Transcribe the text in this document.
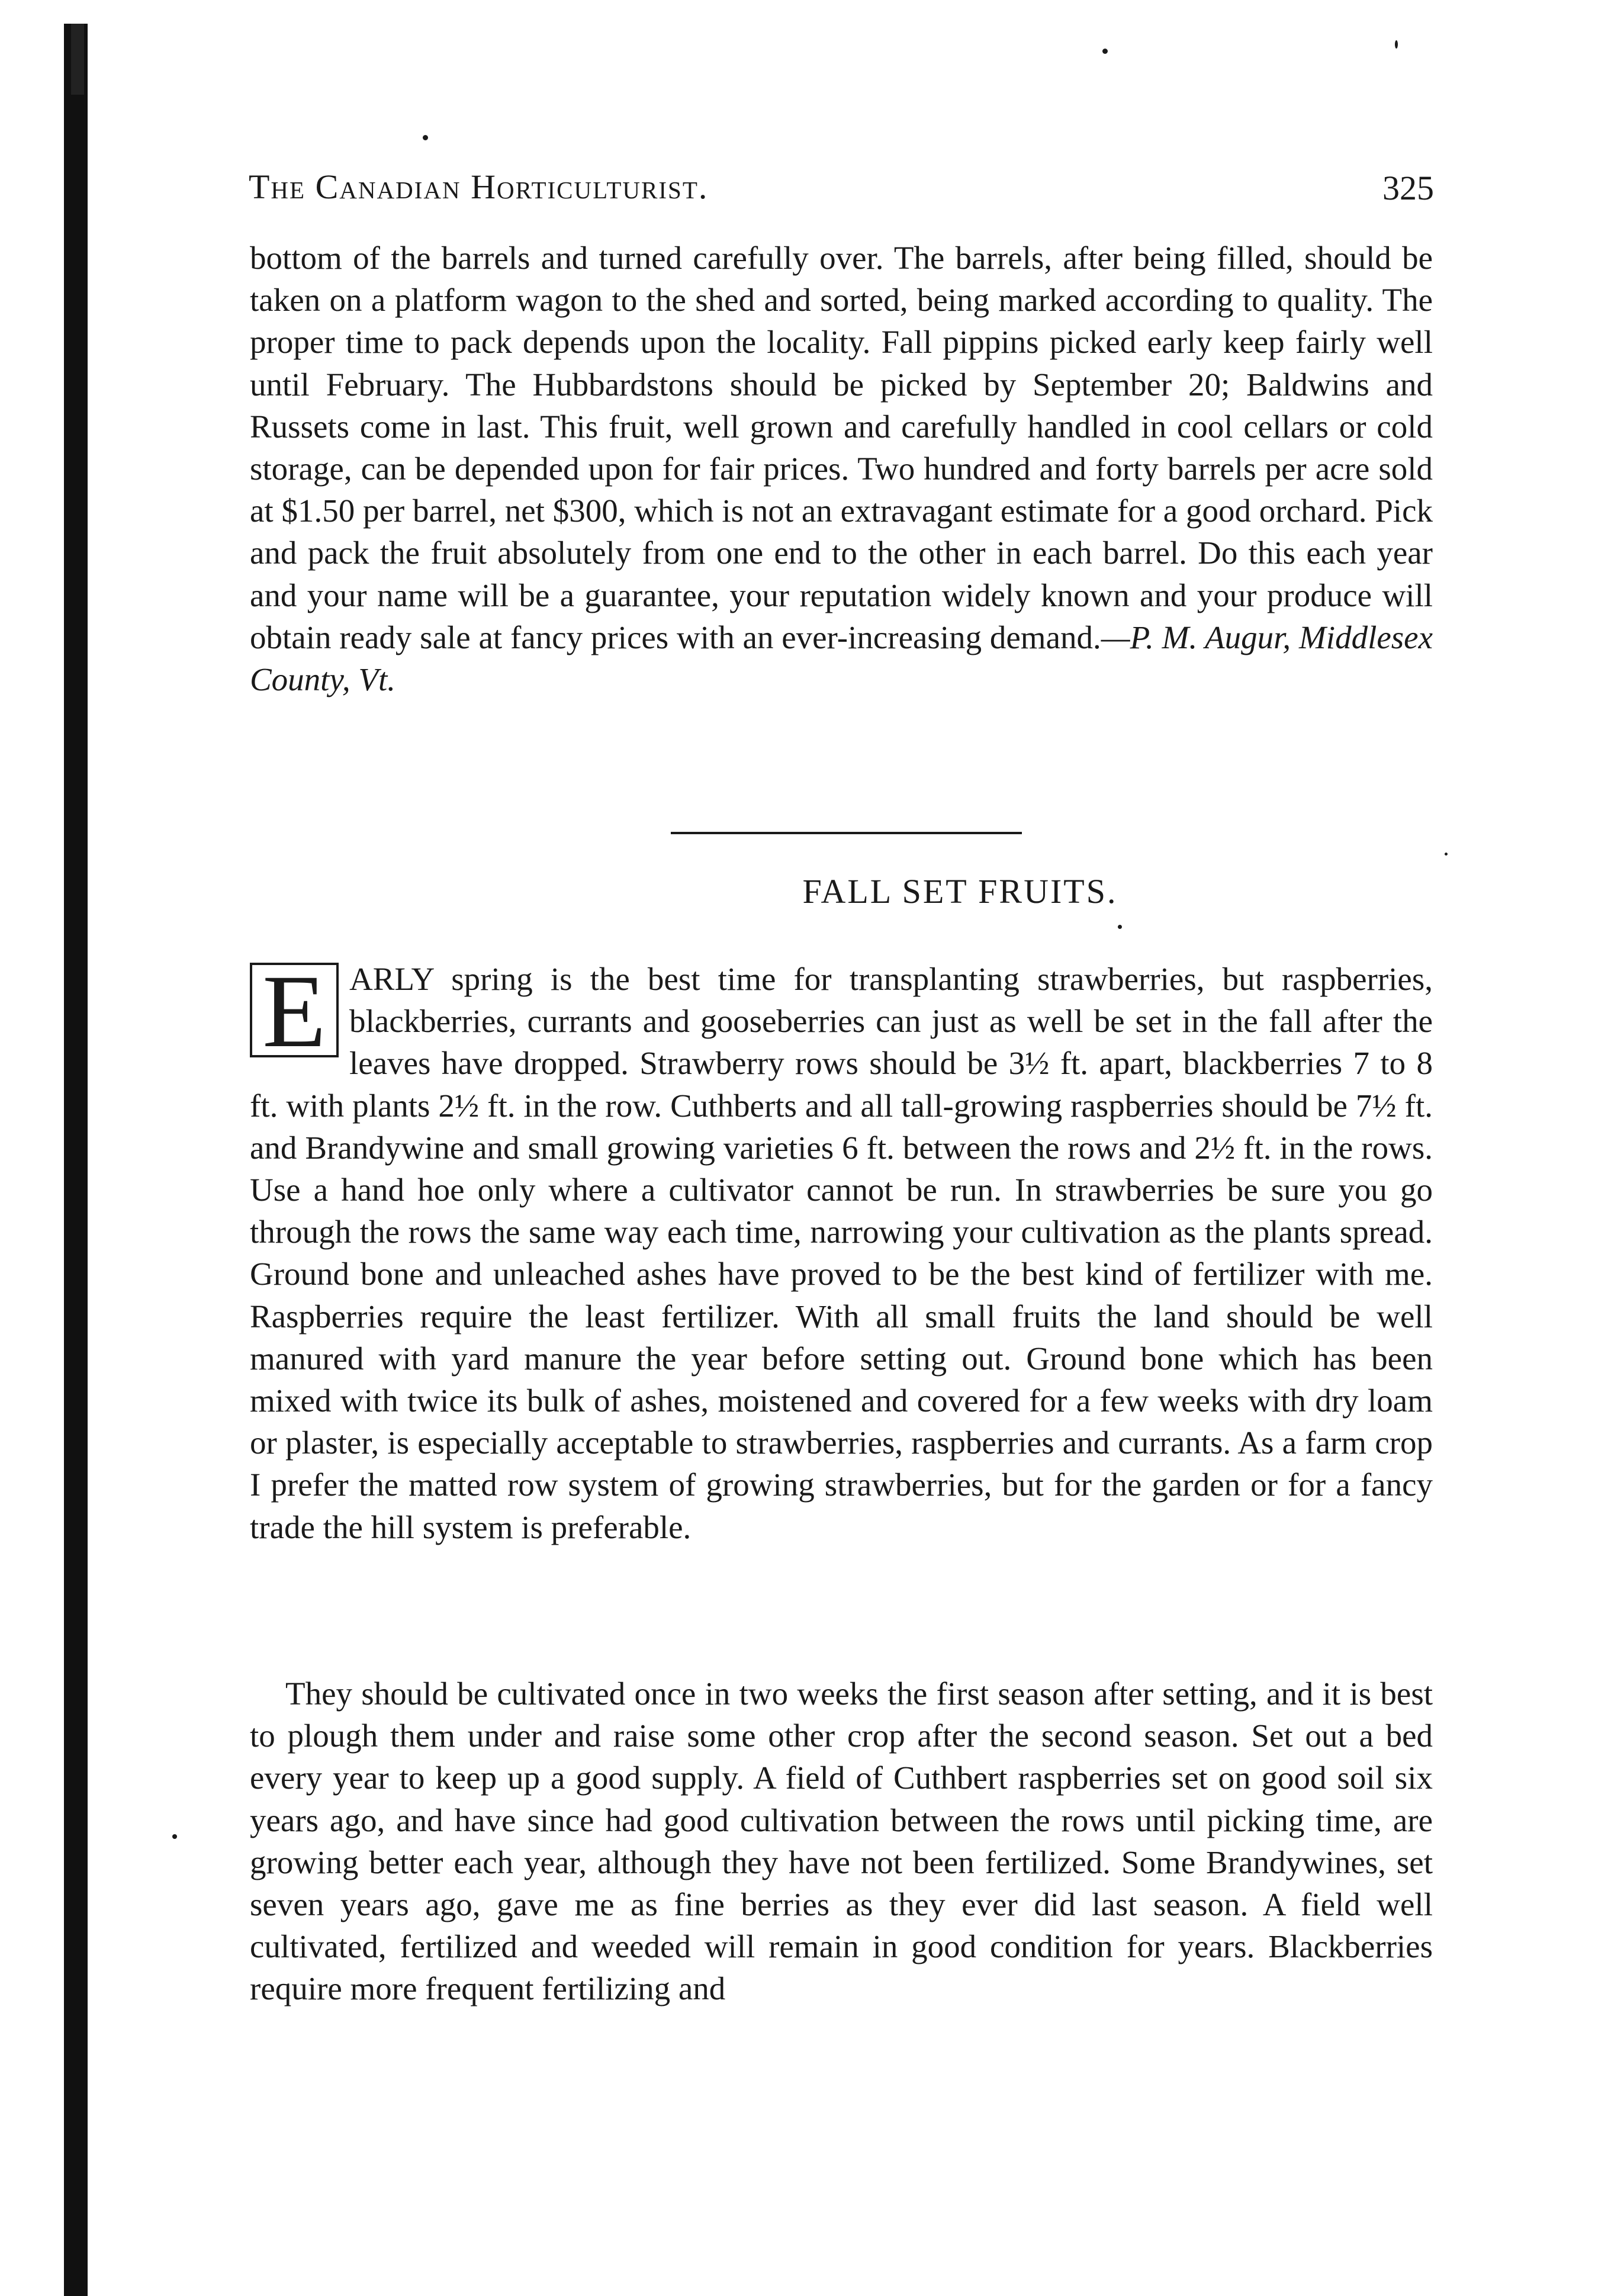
The Canadian Horticulturist.	325

bottom of the barrels and turned carefully over. The barrels, after being filled, should be taken on a platform wagon to the shed and sorted, being marked according to quality. The proper time to pack depends upon the locality. Fall pippins picked early keep fairly well until February. The Hubbardstons should be picked by September 20; Baldwins and Russets come in last. This fruit, well grown and carefully handled in cool cellars or cold storage, can be depended upon for fair prices. Two hundred and forty barrels per acre sold at $1.50 per barrel, net $300, which is not an extravagant estimate for a good orchard. Pick and pack the fruit absolutely from one end to the other in each barrel. Do this each year and your name will be a guarantee, your reputation widely known and your produce will obtain ready sale at fancy prices with an ever-increasing demand.—P. M. Augur, Middlesex County, Vt.

FALL SET FRUITS.

E ARLY spring is the best time for transplanting strawberries, but raspberries, blackberries, currants and gooseberries can just as well be set in the fall after the leaves have dropped. Strawberry rows should be 3½ ft. apart, blackberries 7 to 8 ft. with plants 2½ ft. in the row. Cuthberts and all tall-growing raspberries should be 7½ ft. and Brandywine and small growing varieties 6 ft. between the rows and 2½ ft. in the rows. Use a hand hoe only where a cultivator cannot be run. In strawberries be sure you go through the rows the same way each time, narrowing your cultivation as the plants spread. Ground bone and unleached ashes have proved to be the best kind of fertilizer with me. Raspberries require the least fertilizer. With all small fruits the land should be well manured with yard manure the year before setting out. Ground bone which has been mixed with twice its bulk of ashes, moistened and covered for a few weeks with dry loam or plaster, is especially acceptable to strawberries, raspberries and currants. As a farm crop I prefer the matted row system of growing strawberries, but for the garden or for a fancy trade the hill system is preferable.

They should be cultivated once in two weeks the first season after setting, and it is best to plough them under and raise some other crop after the second season. Set out a bed every year to keep up a good supply. A field of Cuthbert raspberries set on good soil six years ago, and have since had good cultivation between the rows until picking time, are growing better each year, although they have not been fertilized. Some Brandywines, set seven years ago, gave me as fine berries as they ever did last season. A field well cultivated, fertilized and weeded will remain in good condition for years. Blackberries require more frequent fertilizing and
